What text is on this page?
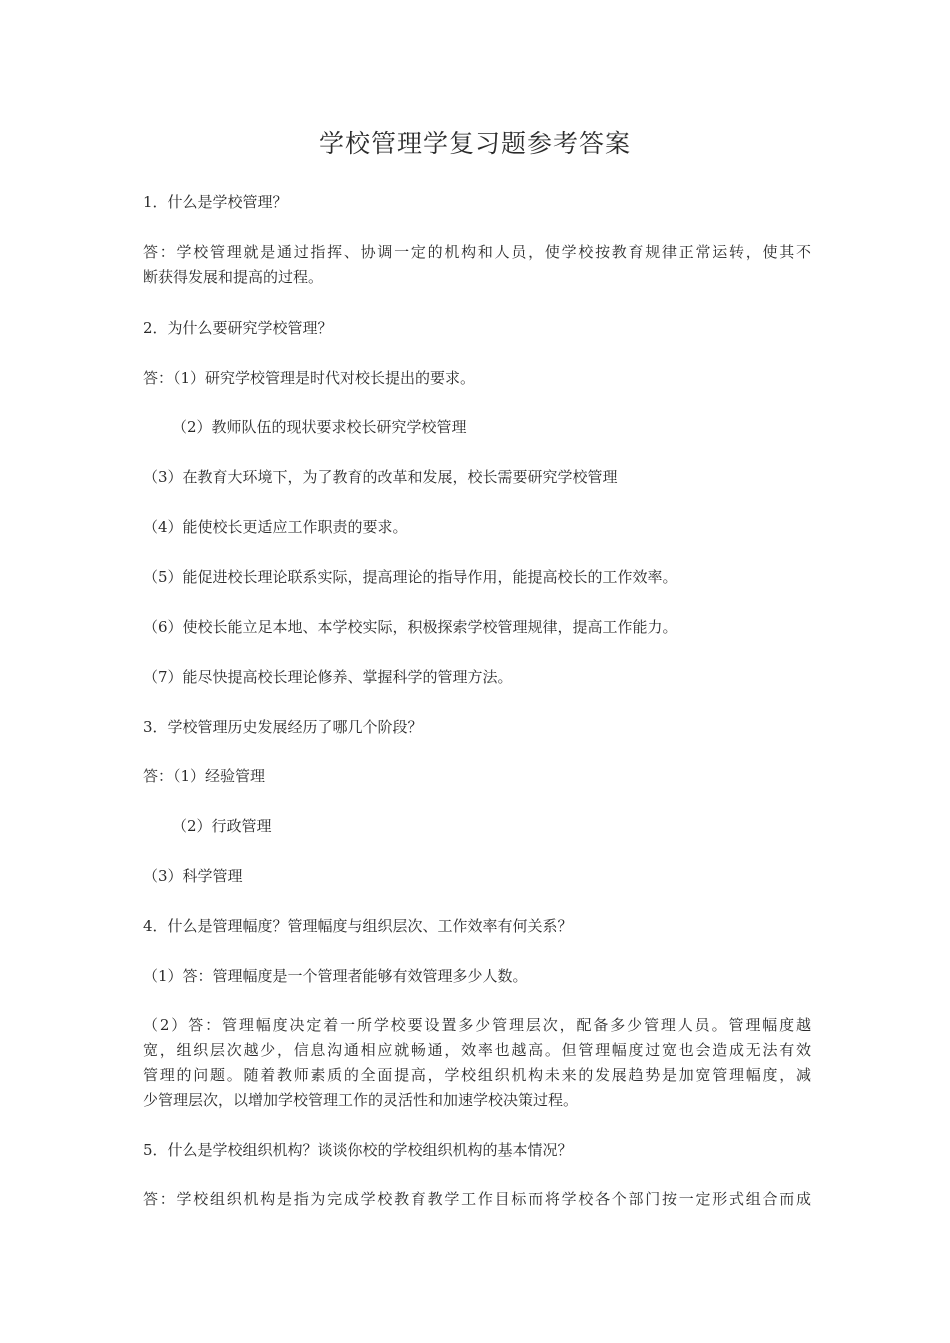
学校管理学复习题参考答案
1．什么是学校管理？
答：学校管理就是通过指挥、协调一定的机构和人员，使学校按教育规律正常运转，使其不
断获得发展和提高的过程。
2．为什么要研究学校管理？
答：（1）研究学校管理是时代对校长提出的要求。
（2）教师队伍的现状要求校长研究学校管理
（3）在教育大环境下，为了教育的改革和发展，校长需要研究学校管理
（4）能使校长更适应工作职责的要求。
（5）能促进校长理论联系实际，提高理论的指导作用，能提高校长的工作效率。
（6）使校长能立足本地、本学校实际，积极探索学校管理规律，提高工作能力。
（7）能尽快提高校长理论修养、掌握科学的管理方法。
3．学校管理历史发展经历了哪几个阶段？
答：（1）经验管理
（2）行政管理
（3）科学管理
4．什么是管理幅度？管理幅度与组织层次、工作效率有何关系？
（1）答：管理幅度是一个管理者能够有效管理多少人数。
（2）答：管理幅度决定着一所学校要设置多少管理层次，配备多少管理人员。管理幅度越
宽，组织层次越少，信息沟通相应就畅通，效率也越高。但管理幅度过宽也会造成无法有效
管理的问题。随着教师素质的全面提高，学校组织机构未来的发展趋势是加宽管理幅度，减
少管理层次，以增加学校管理工作的灵活性和加速学校决策过程。
5．什么是学校组织机构？谈谈你校的学校组织机构的基本情况？
答：学校组织机构是指为完成学校教育教学工作目标而将学校各个部门按一定形式组合而成
